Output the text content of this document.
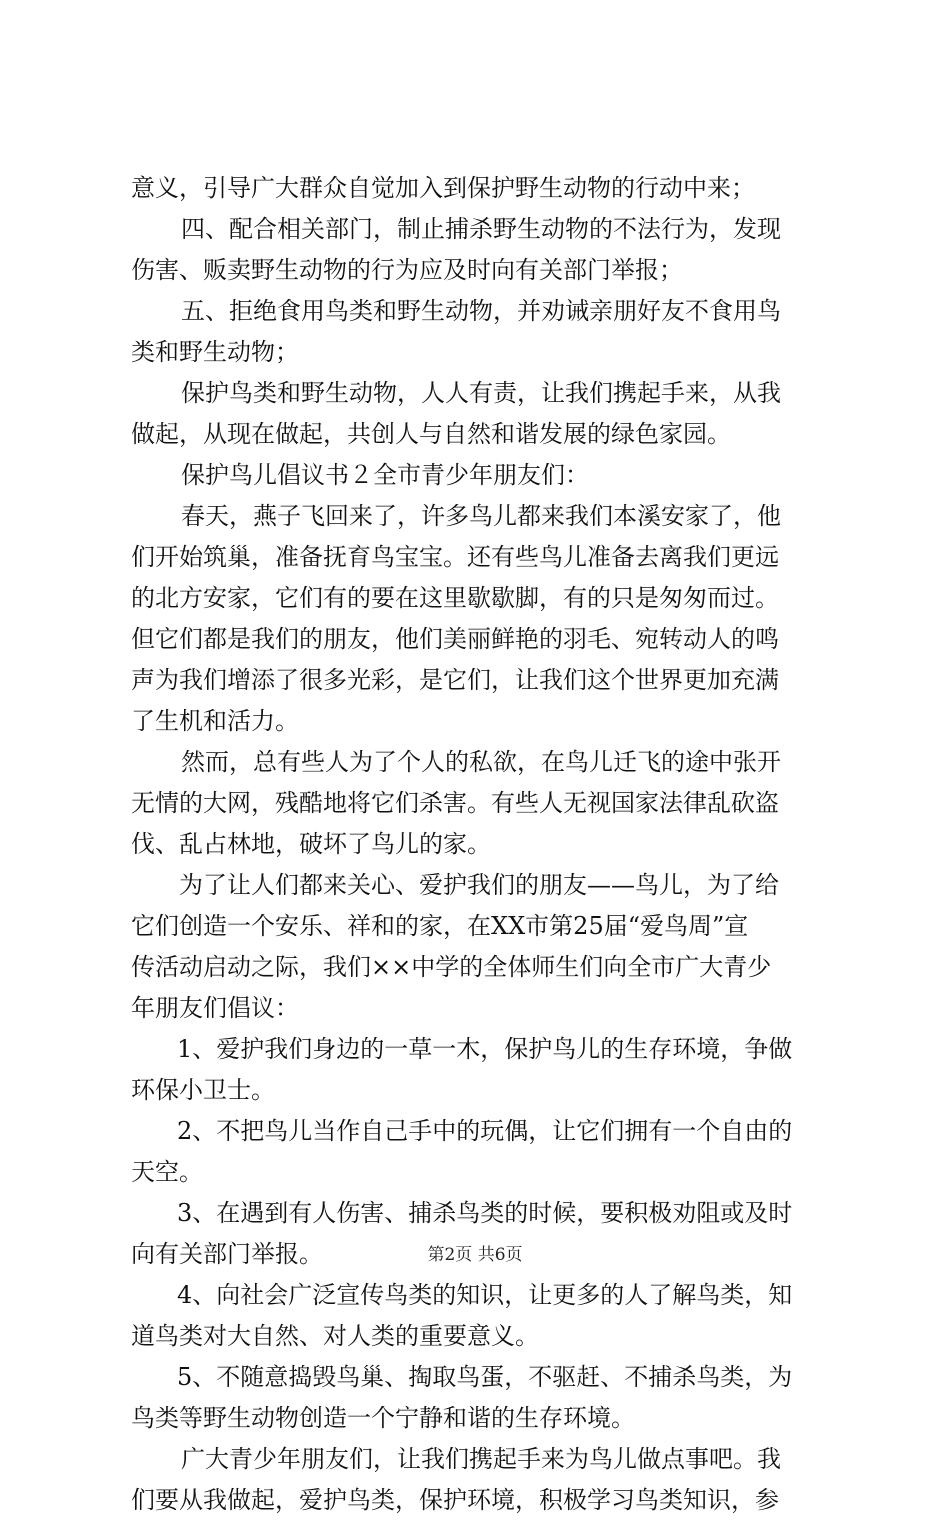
意义，引导广大群众自觉加入到保护野生动物的行动中来；
四、配合相关部门，制止捕杀野生动物的不法行为，发现
伤害、贩卖野生动物的行为应及时向有关部门举报；
五、拒绝食用鸟类和野生动物，并劝诫亲朋好友不食用鸟
类和野生动物；
保护鸟类和野生动物，人人有责，让我们携起手来，从我
做起，从现在做起，共创人与自然和谐发展的绿色家园。
保护鸟儿倡议书２全市青少年朋友们：
春天，燕子飞回来了，许多鸟儿都来我们本溪安家了，他
们开始筑巢，准备抚育鸟宝宝。还有些鸟儿准备去离我们更远
的北方安家，它们有的要在这里歇歇脚，有的只是匆匆而过。
但它们都是我们的朋友，他们美丽鲜艳的羽毛、宛转动人的鸣
声为我们增添了很多光彩，是它们，让我们这个世界更加充满
了生机和活力。
然而，总有些人为了个人的私欲，在鸟儿迁飞的途中张开
无情的大网，残酷地将它们杀害。有些人无视国家法律乱砍盗
伐、乱占林地，破坏了鸟儿的家。
为了让人们都来关心、爱护我们的朋友——鸟儿，为了给
它们创造一个安乐、祥和的家，在XX市第25届“爱鸟周”宣
传活动启动之际，我们××中学的全体师生们向全市广大青少
年朋友们倡议：
1、爱护我们身边的一草一木，保护鸟儿的生存环境，争做
环保小卫士。
2、不把鸟儿当作自己手中的玩偶，让它们拥有一个自由的
天空。
3、在遇到有人伤害、捕杀鸟类的时候，要积极劝阻或及时
向有关部门举报。
4、向社会广泛宣传鸟类的知识，让更多的人了解鸟类，知
道鸟类对大自然、对人类的重要意义。
5、不随意捣毁鸟巢、掏取鸟蛋，不驱赶、不捕杀鸟类，为
鸟类等野生动物创造一个宁静和谐的生存环境。
广大青少年朋友们，让我们携起手来为鸟儿做点事吧。我
们要从我做起，爱护鸟类，保护环境，积极学习鸟类知识，参
第2页 共6页
